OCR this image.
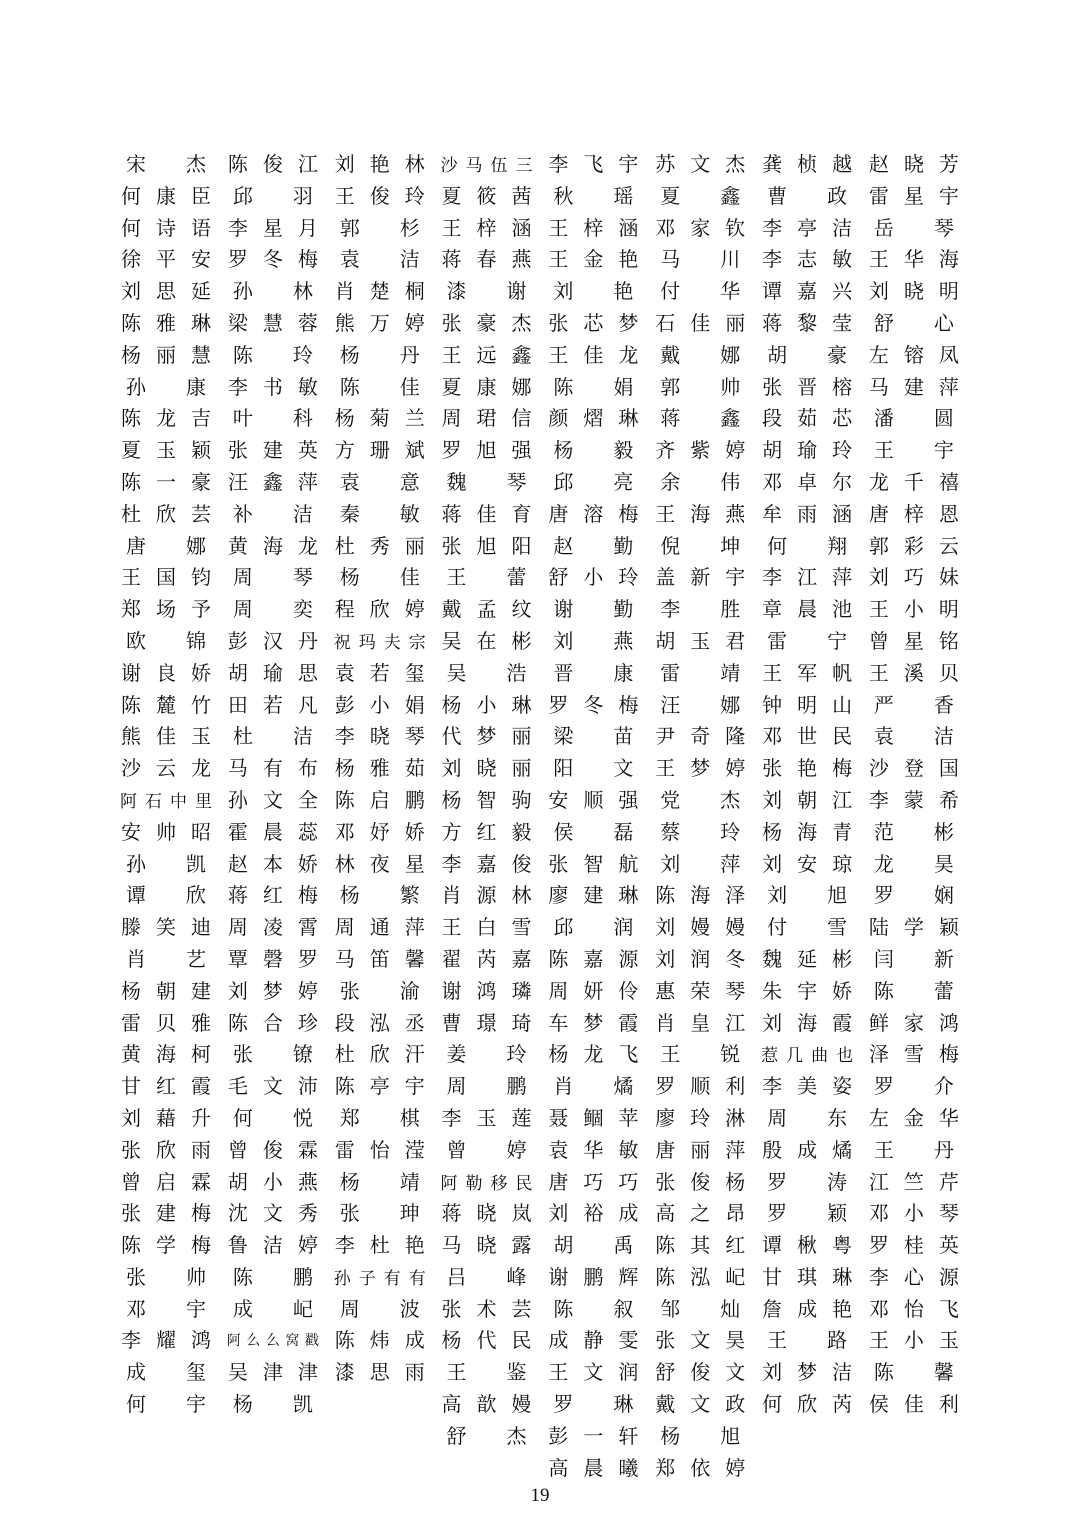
宋 杰
何 康 臣
何 诗 语
徐 平 安
刘 思 延
陈 雅 琳
杨 丽 慧
孙 康
陈 龙 吉
夏 玉 颖
陈 一 豪
杜 欣 芸
唐 娜
王 国 钧
郑 场 予
欧 锦
谢 良 娇
陈 麓 竹
熊 佳 玉
沙 云 龙
阿 石 中 里
安 帅 昭
孙 凯
谭 欣
滕 笑 迪
肖 艺
杨 朝 建
雷 贝 雅
黄 海 柯
甘 红 霞
刘 藉 升
张 欣 雨
曾 启 霖
张 建 梅
陈 学 梅
张 帅
邓 宇
李 耀 鸿
成 玺
何 宇
陈 俊 江
邱 羽
李 星 月
罗 冬 梅
孙 林
梁 慧 蓉
陈 玲
李 书 敏
叶 科
张 建 英
汪 鑫 萍
补 洁
黄 海 龙
周 琴
周 奕
彭 汉 丹
胡 瑜 思
田 若 凡
杜 洁
马 有 布
孙 文 全
霍 晨 蕊
赵 本 娇
蒋 红 梅
周 凌 霄
覃 磬 罗
刘 梦 婷
陈 合 珍
张 镣
毛 文 沛
何 悦
曾 俊 霖
胡 小 燕
沈 文 秀
鲁 洁 婷
陈 鹏
成 屺
阿 么 么 窝 戳
吴 津 津
杨 凯
刘 艳 林
王 俊 玲
郭 杉
袁 洁
肖 楚 桐
熊 万 婷
杨 丹
陈 佳
杨 菊 兰
方 珊 斌
袁 意
秦 敏
杜 秀 丽
杨 佳
程 欣 婷
祝 玛 夫 宗
袁 若 玺
彭 小 娟
李 晓 琴
杨 雅 茹
陈 启 鹏
邓 妤 娇
林 夜 星
杨 繁
周 通 萍
马 笛 馨
张 渝
段 泓 丞
杜 欣 汗
陈 亭 宇
郑 棋
雷 怡 滢
杨 靖
张 珅
李 杜 艳
孙 子 有 有
周 波
陈 炜 成
漆 思 雨
沙 马 伍 三
夏 筱 茜
王 梓 涵
蒋 春 燕
漆 谢
张 豪 杰
王 远 鑫
夏 康 娜
周 珺 信
罗 旭 强
魏 琴
蒋 佳 育
张 旭 阳
王 蕾
戴 孟 纹
吴 在 彬
吴 浩
杨 小 琳
代 梦 丽
刘 晓 丽
杨 智 驹
方 红 毅
李 嘉 俊
肖 源 林
王 白 雪
翟 芮 嘉
谢 鸿 璘
曹 璟 琦
姜 玲
周 鹏
李 玉 莲
曾 婷
阿 勒 移 民
蒋 晓 岚
马 晓 露
吕 峰
张 术 芸
杨 代 民
王 鉴
高 歆 嫚
舒 杰
李 飞 宇
秋 瑶
王 梓 涵
王 金 艳
刘 艳
张 芯 梦
王 佳 龙
陈 娟
颜 熠 琳
杨 毅
邱 亮
唐 溶 梅
赵 勤
舒 小 玲
谢 勤
刘 燕
晋 康
罗 冬 梅
梁 苗
阳 文
安 顺 强
侯 磊
张 智 航
廖 建 琳
邱 润
陈 嘉 源
周 妍 伶
车 梦 霞
杨 龙 飞
肖 燏
聂 鲴 苹
袁 华 敏
唐 巧 巧
刘 裕 成
胡 禹
谢 鹏 辉
陈 叙
成 静 雯
王 文 润
罗 琳
彭 一 轩
高 晨 曦
苏 文 杰
夏 鑫
邓 家 钦
马 川
付 华
石 佳 丽
戴 娜
郭 帅
蒋 鑫
齐 紫 婷
余 伟
王 海 燕
倪 坤
盖 新 宇
李 胜
胡 玉 君
雷 靖
汪 娜
尹 奇 隆
王 梦 婷
党 杰
蔡 玲
刘 萍
陈 海 泽
刘 嫚 嫚
刘 润 冬
惠 荣 琴
肖 皇 江
王 锐
罗 顺 利
廖 玲 淋
唐 丽 萍
张 俊 杨
高 之 昂
陈 其 红
陈 泓 屺
邹 灿
张 文 昊
舒 俊 文
戴 文 政
杨 旭
郑 依 婷
龚 桢 越
曹 政
李 亭 洁
李 志 敏
谭 嘉 兴
蒋 黎 莹
胡 豪
张 晋 榕
段 茹 芯
胡 瑜 玲
邓 卓 尔
牟 雨 涵
何 翔
李 江 萍
章 晨 池
雷 宁
王 军 帆
钟 明 山
邓 世 民
张 艳 梅
刘 朝 江
杨 海 青
刘 安 琼
刘 旭
付 雪
魏 延 彬
朱 宇 娇
刘 海 霞
惹 几 曲 也
李 美 姿
周 东
殷 成 燏
罗 涛
罗 颖
谭 楸 粤
甘 琪 琳
詹 成 艳
王 路
刘 梦 洁
何 欣 芮
赵 晓 芳
雷 星 宇
岳 琴
王 华 海
刘 晓 明
舒 心
左 镕 凤
马 建 萍
潘 圆
王 宇
龙 千 禧
唐 梓 恩
郭 彩 云
刘 巧 妹
王 小 明
曾 星 铭
王 溪 贝
严 香
袁 洁
沙 登 国
李 蒙 希
范 彬
龙 昊
罗 娴
陆 学 颖
闫 新
陈 蕾
鲜 家 鸿
泽 雪 梅
罗 介
左 金 华
王 丹
江 竺 芹
邓 小 琴
罗 桂 英
李 心 源
邓 怡 飞
王 小 玉
陈 馨
侯 佳 利
19
